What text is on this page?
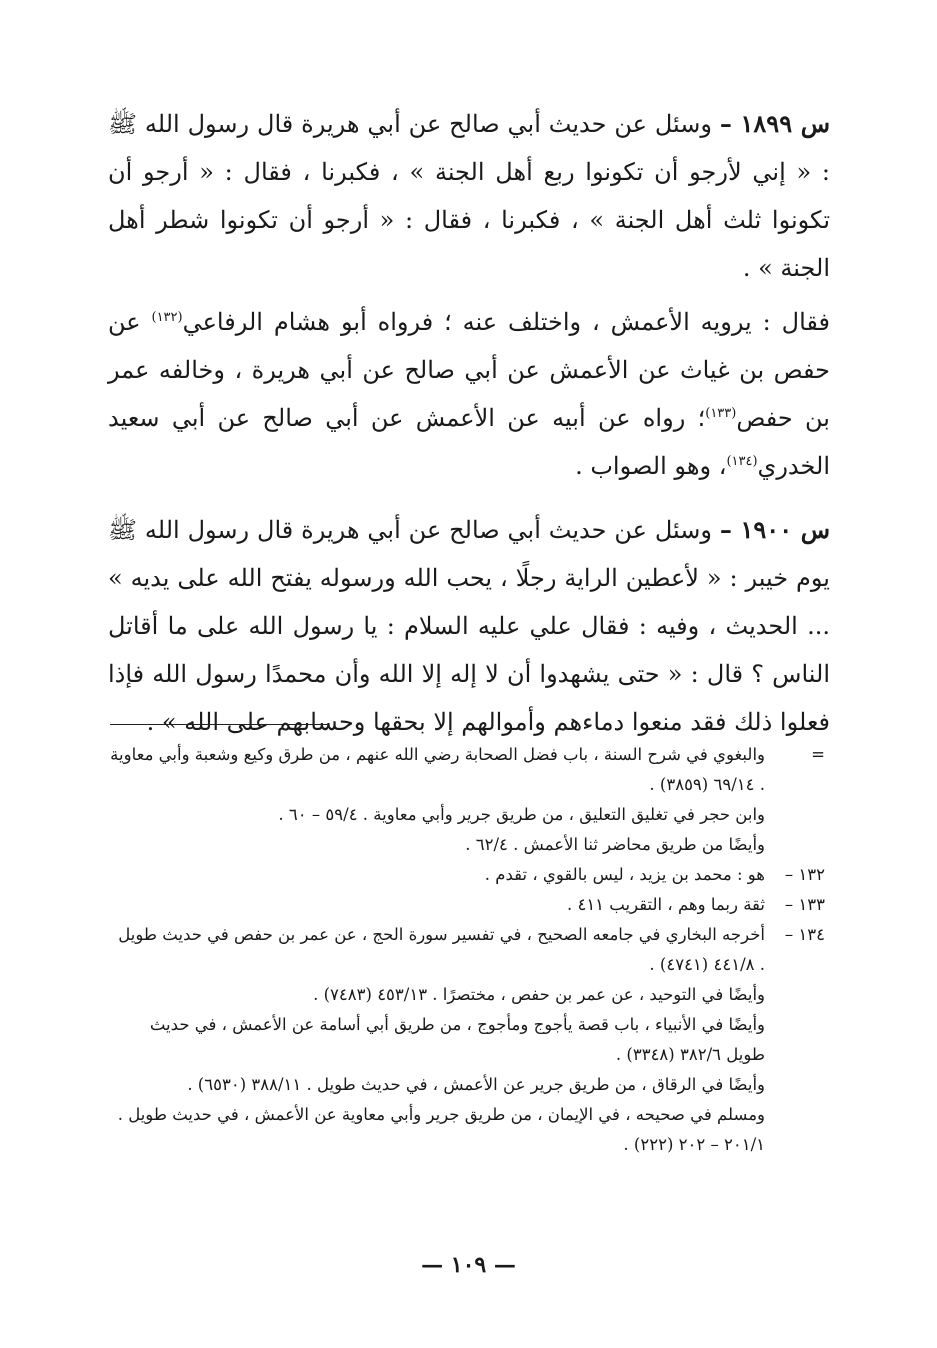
س ١٨٩٩ – وسئل عن حديث أبي صالح عن أبي هريرة قال رسول الله ﷺ : « إني لأرجو أن تكونوا ربع أهل الجنة » ، فكبرنا ، فقال : « أرجو أن تكونوا ثلث أهل الجنة » ، فكبرنا ، فقال : « أرجو أن تكونوا شطر أهل الجنة » .

فقال : يرويه الأعمش ، واختلف عنه ؛ فرواه أبو هشام الرفاعي$^{(١٣٢)}$ عن حفص بن غياث عن الأعمش عن أبي صالح عن أبي هريرة ، وخالفه عمر بن حفص$^{(١٣٣)}$؛ رواه عن أبيه عن الأعمش عن أبي صالح عن أبي سعيد الخدري$^{(١٣٤)}$، وهو الصواب .

س ١٩٠٠ – وسئل عن حديث أبي صالح عن أبي هريرة قال رسول الله ﷺ يوم خيبر : « لأعطين الراية رجلًا ، يحب الله ورسوله يفتح الله على يديه » ... الحديث ، وفيه : فقال علي عليه السلام : يا رسول الله على ما أقاتل الناس ؟ قال : « حتى يشهدوا أن لا إله إلا الله وأن محمدًا رسول الله فإذا فعلوا ذلك فقد منعوا دماءهم وأموالهم إلا بحقها وحسابهم على الله » .

=
والبغوي في شرح السنة ، باب فضل الصحابة رضي الله عنهم ، من طرق وكيع وشعبة وأبي معاوية . ٦٩/١٤ (٣٨٥٩) .

وابن حجر في تغليق التعليق ، من طريق جرير وأبي معاوية . ٥٩/٤ – ٦٠ .

وأيضًا من طريق محاضر ثنا الأعمش . ٦٢/٤ .

١٣٢ –
هو : محمد بن يزيد ، ليس بالقوي ، تقدم .

١٣٣ –
ثقة ربما وهم ، التقريب ٤١١ .

١٣٤ –
أخرجه البخاري في جامعه الصحيح ، في تفسير سورة الحج ، عن عمر بن حفص في حديث طويل . ٤٤١/٨ (٤٧٤١) .

وأيضًا في التوحيد ، عن عمر بن حفص ، مختصرًا . ٤٥٣/١٣ (٧٤٨٣) .

وأيضًا في الأنبياء ، باب قصة يأجوج ومأجوج ، من طريق أبي أسامة عن الأعمش ، في حديث طويل ٣٨٢/٦ (٣٣٤٨) .

وأيضًا في الرقاق ، من طريق جرير عن الأعمش ، في حديث طويل . ٣٨٨/١١ (٦٥٣٠) .

ومسلم في صحيحه ، في الإيمان ، من طريق جرير وأبي معاوية عن الأعمش ، في حديث طويل . ٢٠١/١ – ٢٠٢ (٢٢٢) .

— ١٠٩ —
